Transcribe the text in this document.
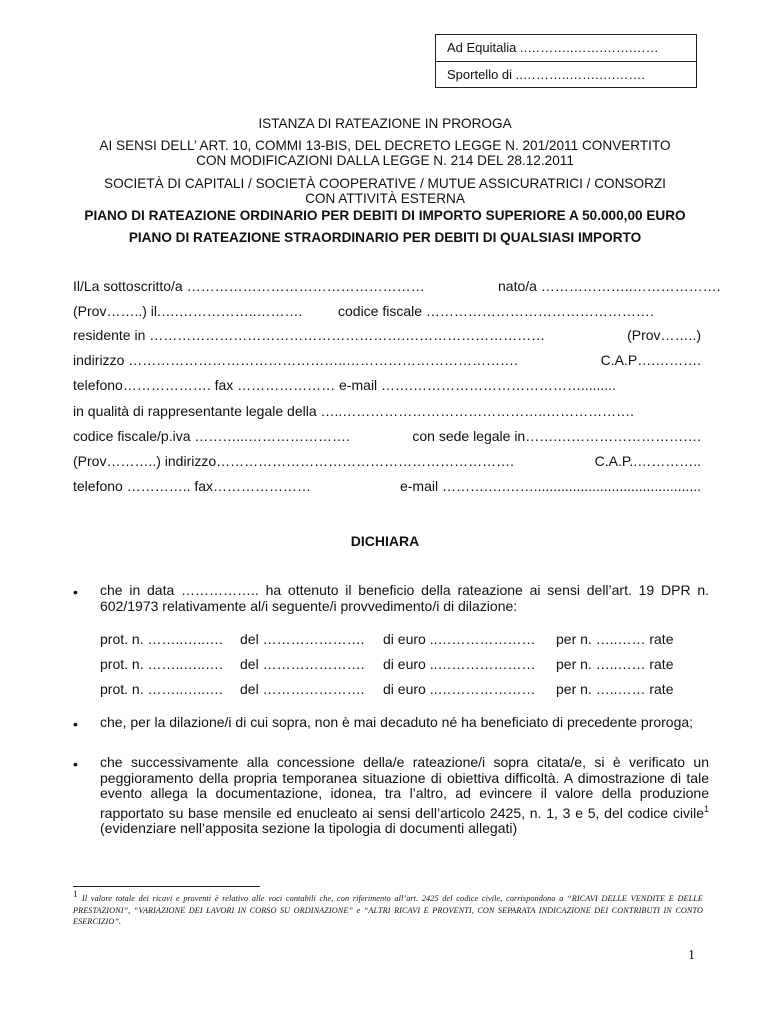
Ad Equitalia ..………..…….…….……
Sportello di ..………..…….….…….
ISTANZA DI RATEAZIONE IN PROROGA
AI SENSI DELL’ ART. 10, COMMI 13-BIS, DEL DECRETO LEGGE N. 201/2011 CONVERTITO
CON MODIFICAZIONI DALLA LEGGE N. 214 DEL 28.12.2011
SOCIETÀ DI CAPITALI / SOCIETÀ COOPERATIVE / MUTUE ASSICURATRICI / CONSORZI
CON ATTIVITÀ ESTERNA
PIANO DI RATEAZIONE ORDINARIO PER DEBITI DI IMPORTO SUPERIORE A 50.000,00 EURO
PIANO DI RATEAZIONE STRAORDINARIO PER DEBITI DI QUALSIASI IMPORTO
Il/La sottoscritto/a ……………………………………………	nato/a ………………..……………….
(Prov……..) il.….……………..……….	codice fiscale ………………………………………….
residente in ……………………………………………….…………………………	(Prov……..)
indirizzo ………………………………………..……………………………….	C.A.P….……….
telefono………………. fax ………………… e-mail …….……………………………….........
in qualità di rappresentante legale della …..……………………………………..……………….
codice fiscale/p.iva ………...………………….	con sede legale in…….………………………….
(Prov………..) indirizzo……………………………………………………….	C.A.P..…………..
telefono ………….. fax…………………	e-mail ……….….……...........................................
DICHIARA
• che in data …………….. ha ottenuto il beneficio della rateazione ai sensi dell’art. 19 DPR n. 602/1973 relativamente al/i seguente/i provvedimento/i di dilazione:
prot. n. ……..…..…. del …………………. di euro ..………………… per n. …..…… rate
prot. n. ……..…..…. del …………………. di euro ..………………… per n. …..…… rate
prot. n. ……..…..…. del …………………. di euro ..………………… per n. …..…… rate
• che, per la dilazione/i di cui sopra, non è mai decaduto né ha beneficiato di precedente proroga;
• che successivamente alla concessione della/e rateazione/i sopra citata/e, si è verificato un peggioramento della propria temporanea situazione di obiettiva difficoltà. A dimostrazione di tale evento allega la documentazione, idonea, tra l’altro, ad evincere il valore della produzione rapportato su base mensile ed enucleato ai sensi dell’articolo 2425, n. 1, 3 e 5, del codice civile$^1$ (evidenziare nell’apposita sezione la tipologia di documenti allegati)
Il valore totale dei ricavi e proventi è relativo alle voci contabili che, con riferimento all’art. 2425 del codice civile, corrispondono a “RICAVI DELLE VENDITE E DELLE PRESTAZIONI”, “VARIAZIONE DEI LAVORI IN CORSO SU ORDINAZIONE” e “ALTRI RICAVI E PROVENTI, CON SEPARATA INDICAZIONE DEI CONTRIBUTI IN CONTO ESERCIZIO”.
1
1
